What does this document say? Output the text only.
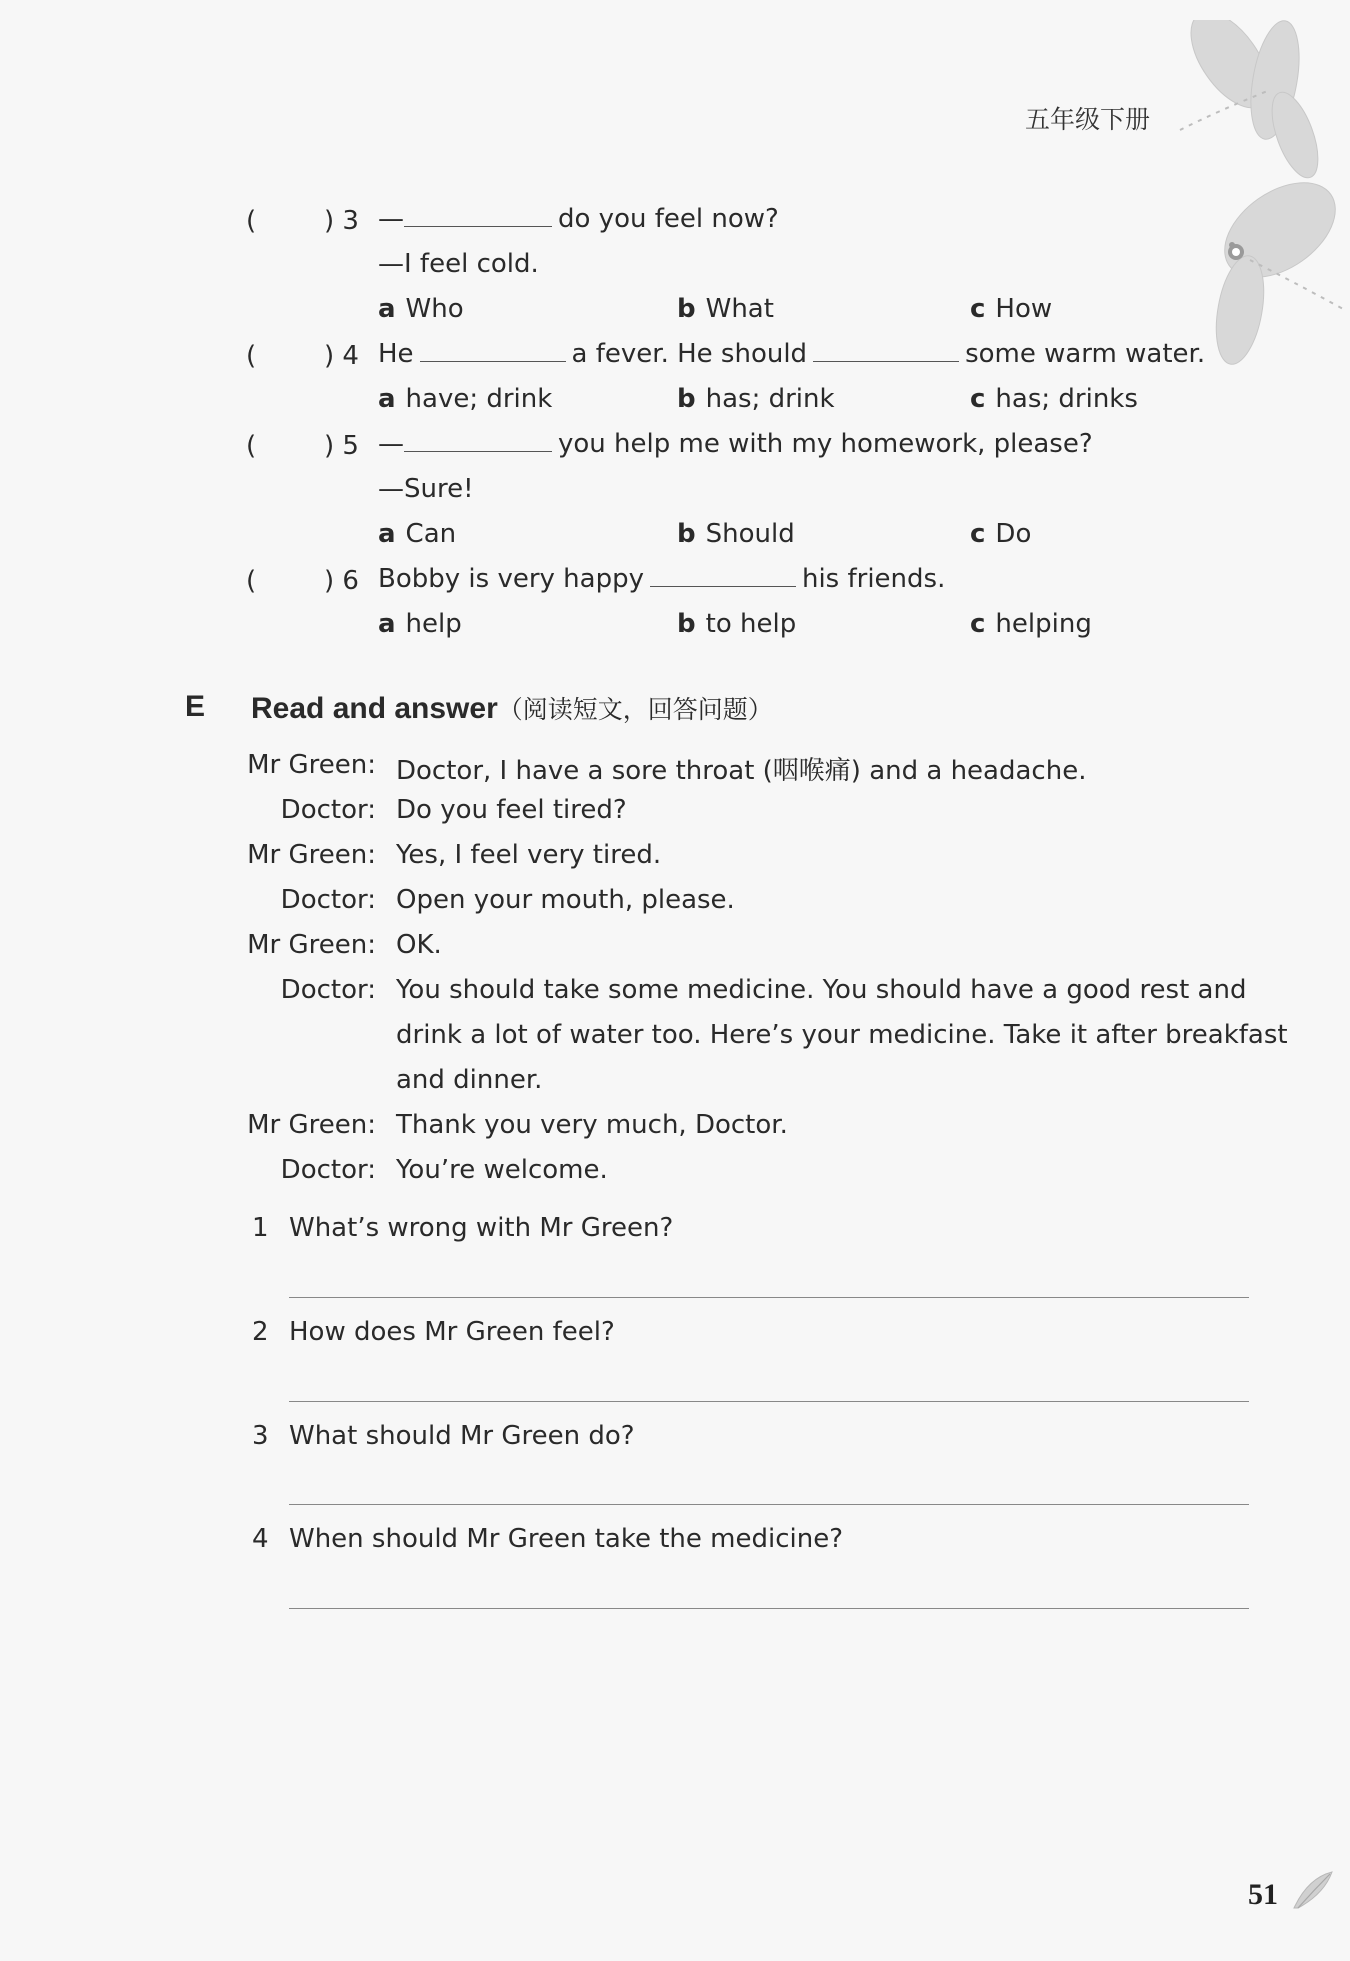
五年级下册
(	) 3 —	do you feel now?
—I feel cold.
a Who	b What	c How
(	) 4 He	a fever. He should	some warm water.
a have; drink	b has; drink	c has; drinks
(	) 5 —	you help me with my homework, please?
—Sure!
a Can	b Should	c Do
(	) 6 Bobby is very happy	his friends.
a help	b to help	c helping
E Read and answer（阅读短文，回答问题）
Mr Green: Doctor, I have a sore throat (咽喉痛) and a headache.
Doctor: Do you feel tired?
Mr Green: Yes, I feel very tired.
Doctor: Open your mouth, please.
Mr Green: OK.
Doctor: You should take some medicine. You should have a good rest and
drink a lot of water too. Here’s your medicine. Take it after breakfast
and dinner.
Mr Green: Thank you very much, Doctor.
Doctor: You’re welcome.
1 What’s wrong with Mr Green?
2 How does Mr Green feel?
3 What should Mr Green do?
4 When should Mr Green take the medicine?
51
